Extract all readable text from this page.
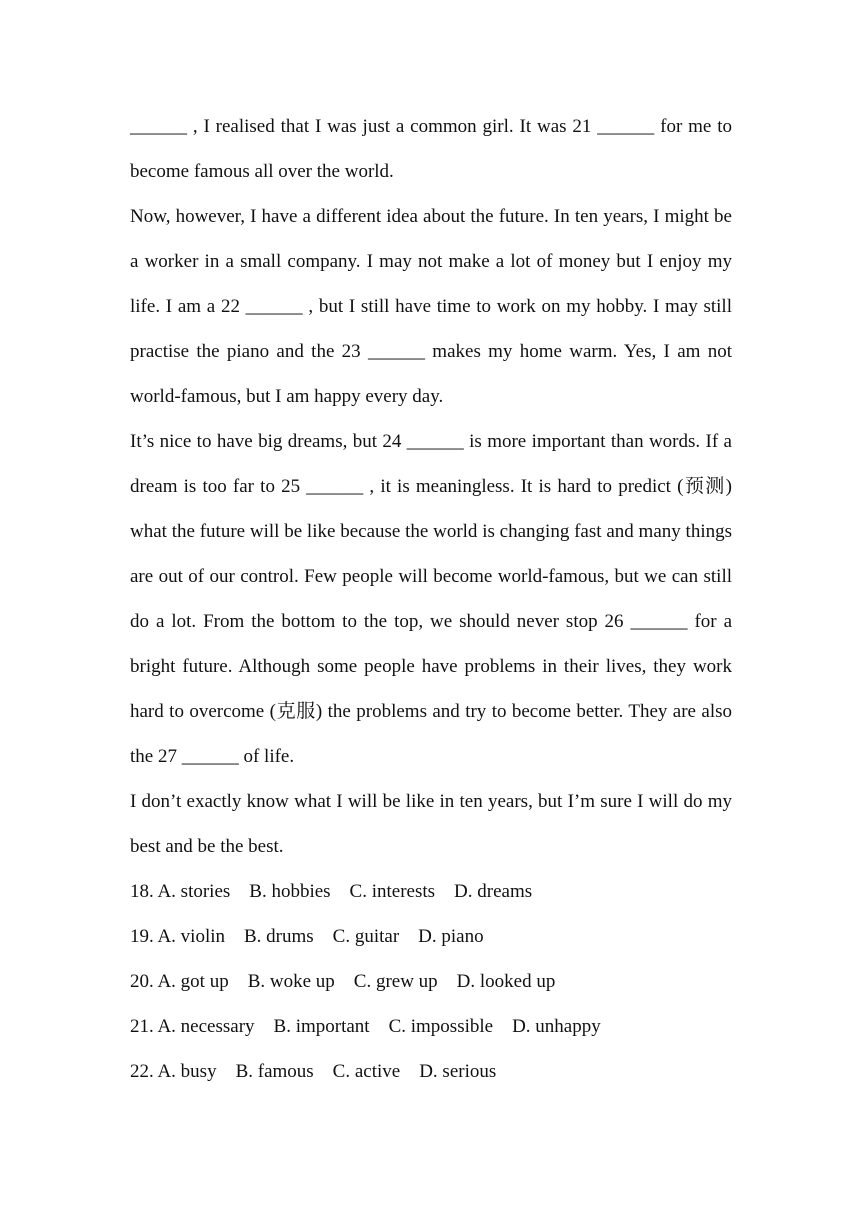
______ , I realised that I was just a common girl. It was 21 ______ for me to become famous all over the world.

Now, however, I have a different idea about the future. In ten years, I might be a worker in a small company. I may not make a lot of money but I enjoy my life. I am a 22 ______ , but I still have time to work on my hobby. I may still practise the piano and the 23 ______ makes my home warm. Yes, I am not world-famous, but I am happy every day.

It’s nice to have big dreams, but 24 ______ is more important than words. If a dream is too far to 25 ______ , it is meaningless. It is hard to predict (预测) what the future will be like because the world is changing fast and many things are out of our control. Few people will become world-famous, but we can still do a lot. From the bottom to the top, we should never stop 26 ______ for a bright future. Although some people have problems in their lives, they work hard to overcome (克服) the problems and try to become better. They are also the 27 ______ of life.

I don’t exactly know what I will be like in ten years, but I’m sure I will do my best and be the best.

18. A. stories    B. hobbies    C. interests    D. dreams

19. A. violin    B. drums    C. guitar    D. piano

20. A. got up    B. woke up    C. grew up    D. looked up

21. A. necessary    B. important    C. impossible    D. unhappy

22. A. busy    B. famous    C. active    D. serious
